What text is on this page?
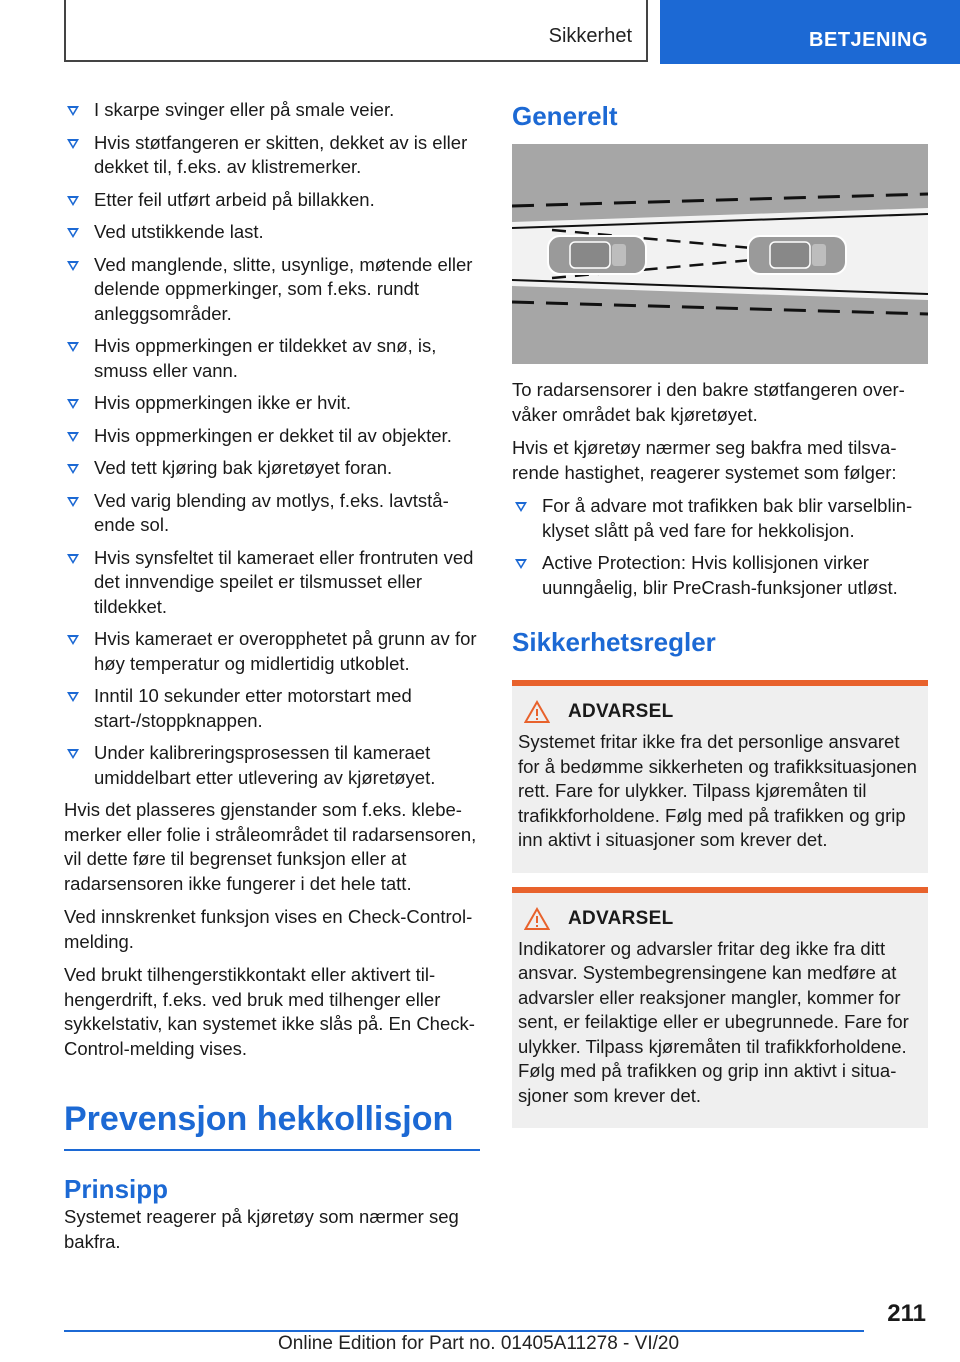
Sikkerhet	BETJENING
I skarpe svinger eller på smale veier.
Hvis støtfangeren er skitten, dekket av is eller dekket til, f.eks. av klistremerker.
Etter feil utført arbeid på billakken.
Ved utstikkende last.
Ved manglende, slitte, usynlige, møtende eller delende oppmerkinger, som f.eks. rundt anleggsområder.
Hvis oppmerkingen er tildekket av snø, is, smuss eller vann.
Hvis oppmerkingen ikke er hvit.
Hvis oppmerkingen er dekket til av objekter.
Ved tett kjøring bak kjøretøyet foran.
Ved varig blending av motlys, f.eks. lavtstående sol.
Hvis synsfeltet til kameraet eller frontruten ved det innvendige speilet er tilsmusset eller tildekket.
Hvis kameraet er overopphetet på grunn av for høy temperatur og midlertidig utkoblet.
Inntil 10 sekunder etter motorstart med start-/stoppknappen.
Under kalibreringsprosessen til kameraet umiddelbart etter utlevering av kjøretøyet.

Hvis det plasseres gjenstander som f.eks. klebemerker eller folie i stråleområdet til radarsensoren, vil dette føre til begrenset funksjon eller at radarsensoren ikke fungerer i det hele tatt.

Ved innskrenket funksjon vises en Check-Control-melding.

Ved brukt tilhengerstikkontakt eller aktivert tilhengerdrift, f.eks. ved bruk med tilhenger eller sykkelstativ, kan systemet ikke slås på. En Check-Control-melding vises.

Prevensjon hekkollisjon
Prinsipp

Systemet reagerer på kjøretøy som nærmer seg bakfra.

Generelt

To radarsensorer i den bakre støtfangeren overvåker området bak kjøretøyet.

Hvis et kjøretøy nærmer seg bakfra med tilsvarende hastighet, reagerer systemet som følger:

For å advare mot trafikken bak blir varselblinklyset slått på ved fare for hekkolisjon.
Active Protection: Hvis kollisjonen virker uunngåelig, blir PreCrash-funksjoner utløst.
Sikkerhetsregler
ADVARSEL

Systemet fritar ikke fra det personlige ansvaret for å bedømme sikkerheten og trafikksituasjonen rett. Fare for ulykker. Tilpass kjøremåten til trafikkforholdene. Følg med på trafikken og grip inn aktivt i situasjoner som krever det.

ADVARSEL

Indikatorer og advarsler fritar deg ikke fra ditt ansvar. Systembegrensingene kan medføre at advarsler eller reaksjoner mangler, kommer for sent, er feilaktige eller er ubegrunnede. Fare for ulykker. Tilpass kjøremåten til trafikkforholdene. Følg med på trafikken og grip inn aktivt i situasjoner som krever det.

211
Online Edition for Part no. 01405A11278 - VI/20
